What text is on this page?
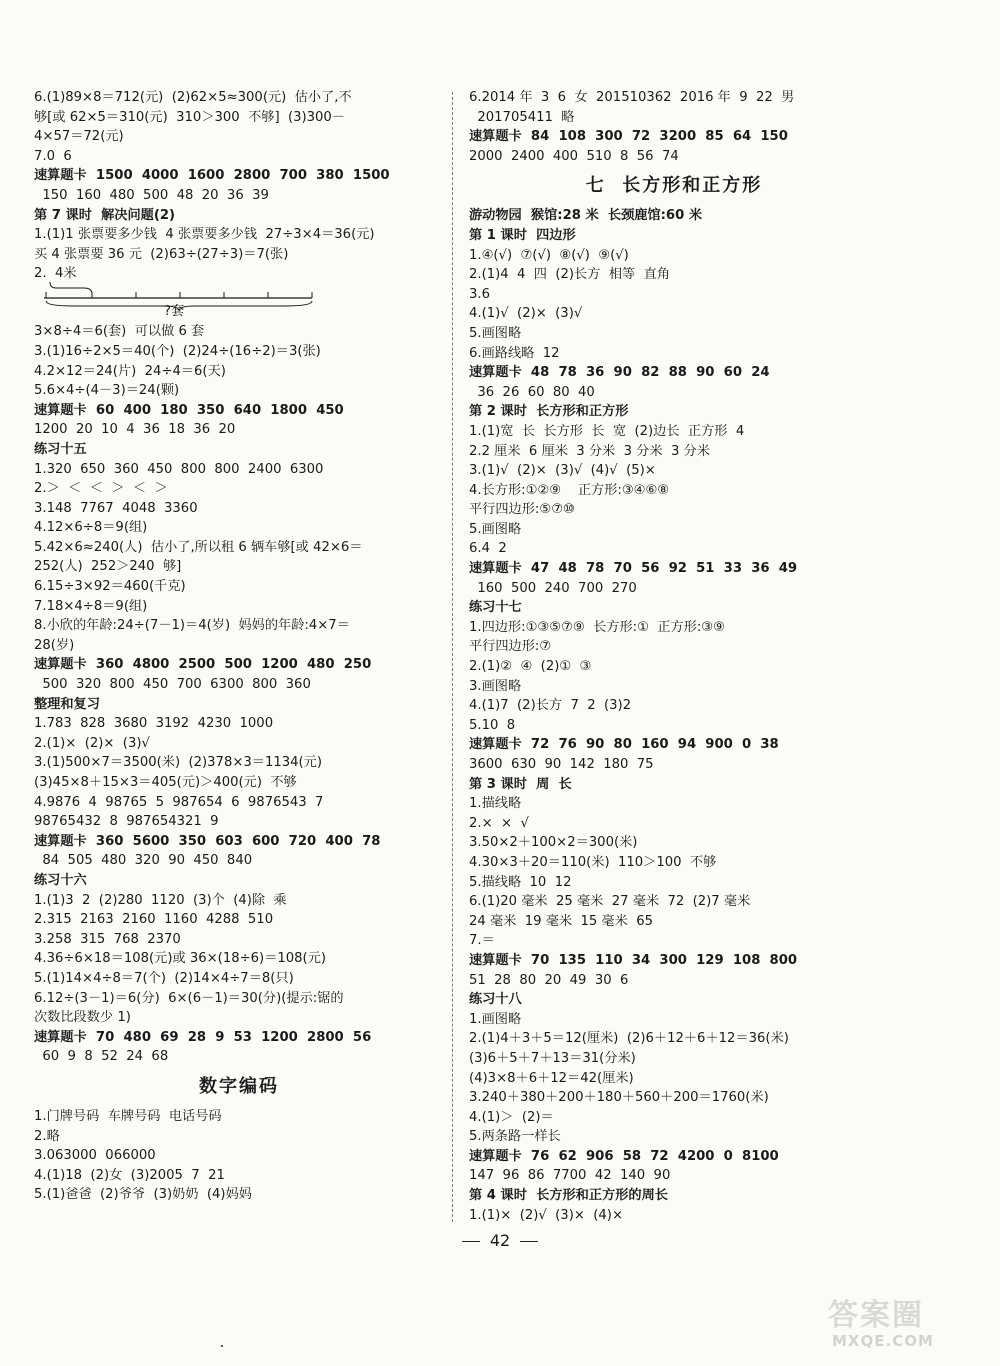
6.(1)89×8＝712(元)  (2)62×5≈300(元)  估小了,不
够[或 62×5＝310(元)  310＞300  不够]  (3)300－
4×57＝72(元)
7.0  6
速算题卡  1500  4000  1600  2800  700  380  1500
150  160  480  500  48  20  36  39
第 7 课时  解决问题(2)
1.(1)1 张票要多少钱  4 张票要多少钱  27÷3×4＝36(元)
买 4 张票要 36 元  (2)63÷(27÷3)＝7(张)
2.  4米
?套
3×8÷4＝6(套)  可以做 6 套
3.(1)16÷2×5＝40(个)  (2)24÷(16÷2)＝3(张)
4.2×12＝24(片)  24÷4＝6(天)
5.6×4÷(4－3)＝24(颗)
速算题卡  60  400  180  350  640  1800  450
1200  20  10  4  36  18  36  20
练习十五
1.320  650  360  450  800  800  2400  6300
2.＞  ＜  ＜  ＞  ＜  ＞
3.148  7767  4048  3360
4.12×6÷8＝9(组)
5.42×6≈240(人)  估小了,所以租 6 辆车够[或 42×6＝
252(人)  252＞240  够]
6.15÷3×92＝460(千克)
7.18×4÷8＝9(组)
8.小欣的年龄:24÷(7－1)＝4(岁)  妈妈的年龄:4×7＝
28(岁)
速算题卡  360  4800  2500  500  1200  480  250
500  320  800  450  700  6300  800  360
整理和复习
1.783  828  3680  3192  4230  1000
2.(1)×  (2)×  (3)√
3.(1)500×7＝3500(米)  (2)378×3＝1134(元)
(3)45×8＋15×3＝405(元)＞400(元)  不够
4.9876  4  98765  5  987654  6  9876543  7
98765432  8  987654321  9
速算题卡  360  5600  350  603  600  720  400  78
84  505  480  320  90  450  840
练习十六
1.(1)3  2  (2)280  1120  (3)个  (4)除  乘
2.315  2163  2160  1160  4288  510
3.258  315  768  2370
4.36÷6×18＝108(元)或 36×(18÷6)＝108(元)
5.(1)14×4÷8＝7(个)  (2)14×4÷7＝8(只)
6.12÷(3－1)＝6(分)  6×(6－1)＝30(分)(提示:锯的
次数比段数少 1)
速算题卡  70  480  69  28  9  53  1200  2800  56
60  9  8  52  24  68
数字编码
1.门牌号码  车牌号码  电话号码
2.略
3.063000  066000
4.(1)18  (2)女  (3)2005  7  21
5.(1)爸爸  (2)爷爷  (3)奶奶  (4)妈妈
6.2014 年  3  6  女  201510362  2016 年  9  22  男
201705411  略
速算题卡  84  108  300  72  3200  85  64  150
2000  2400  400  510  8  56  74
七  长方形和正方形
游动物园  猴馆:28 米  长颈鹿馆:60 米
第 1 课时  四边形
1.④(√)  ⑦(√)  ⑧(√)  ⑨(√)
2.(1)4  4  四  (2)长方  相等  直角
3.6
4.(1)√  (2)×  (3)√
5.画图略
6.画路线略  12
速算题卡  48  78  36  90  82  88  90  60  24
36  26  60  80  40
第 2 课时  长方形和正方形
1.(1)宽  长  长方形  长  宽  (2)边长  正方形  4
2.2 厘米  6 厘米  3 分米  3 分米  3 分米
3.(1)√  (2)×  (3)√  (4)√  (5)×
4.长方形:①②⑨    正方形:③④⑥⑧
平行四边形:⑤⑦⑩
5.画图略
6.4  2
速算题卡  47  48  78  70  56  92  51  33  36  49
160  500  240  700  270
练习十七
1.四边形:①③⑤⑦⑨  长方形:①  正方形:③⑨
平行四边形:⑦
2.(1)②  ④  (2)①  ③
3.画图略
4.(1)7  (2)长方  7  2  (3)2
5.10  8
速算题卡  72  76  90  80  160  94  900  0  38
3600  630  90  142  180  75
第 3 课时  周  长
1.描线略
2.×  ×  √
3.50×2＋100×2＝300(米)
4.30×3＋20＝110(米)  110＞100  不够
5.描线略  10  12
6.(1)20 毫米  25 毫米  27 毫米  72  (2)7 毫米
24 毫米  19 毫米  15 毫米  65
7.＝
速算题卡  70  135  110  34  300  129  108  800
51  28  80  20  49  30  6
练习十八
1.画图略
2.(1)4＋3＋5＝12(厘米)  (2)6＋12＋6＋12＝36(米)
(3)6＋5＋7＋13＝31(分米)
(4)3×8＋6＋12＝42(厘米)
3.240＋380＋200＋180＋560＋200＝1760(米)
4.(1)＞  (2)＝
5.两条路一样长
速算题卡  76  62  906  58  72  4200  0  8100
147  96  86  7700  42  140  90
第 4 课时  长方形和正方形的周长
1.(1)×  (2)√  (3)×  (4)×
42
答案圈
MXQE.COM
